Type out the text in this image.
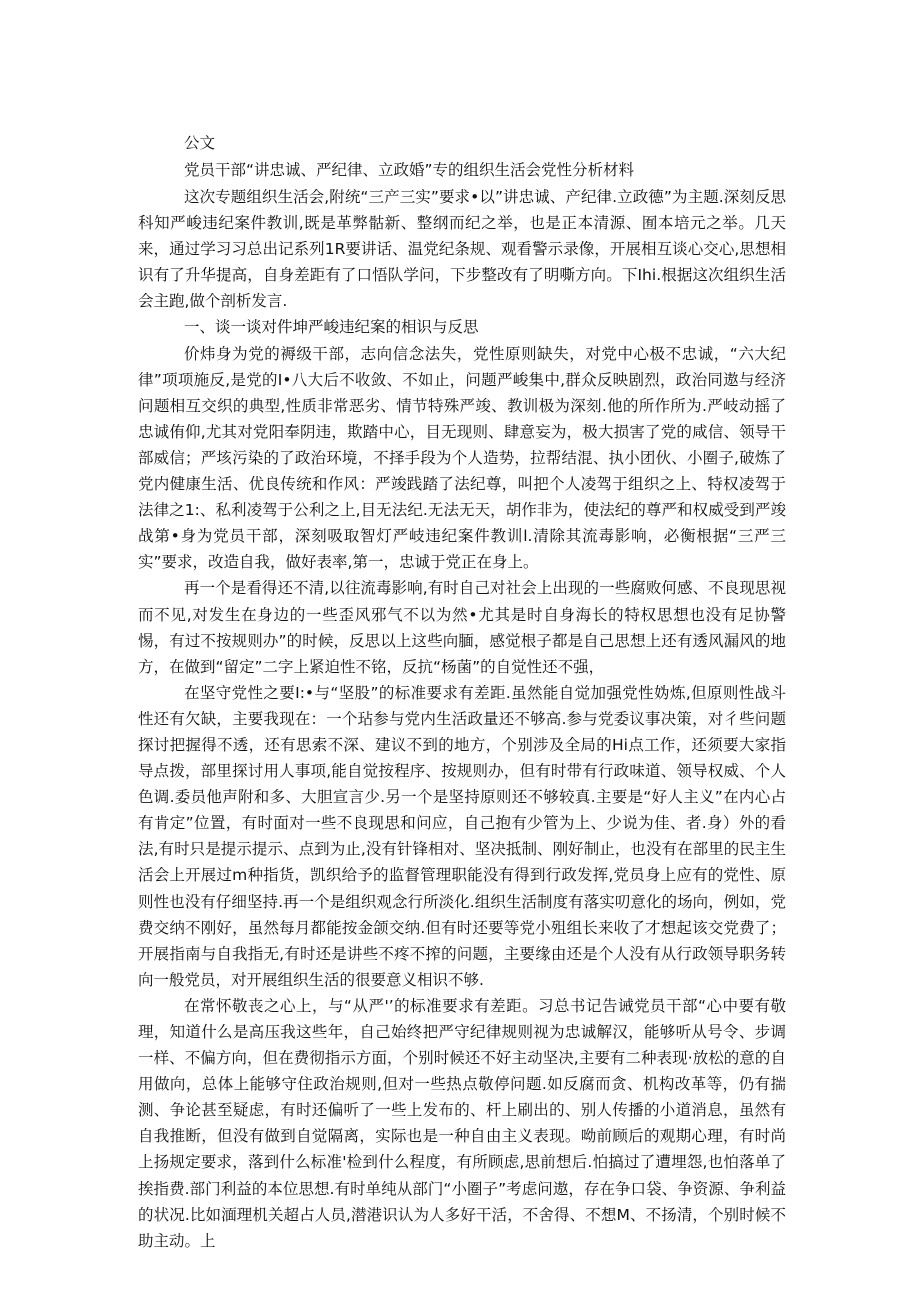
公文
党员干部“讲忠诚、严纪律、立政婚”专的组织生活会党性分析材料

这次专题组织生活会,附统“三产三实”要求•以”讲忠诚、产纪律.立政德”为主题.深刻反思科知严峻违纪案件教训,既是革弊骷新、整纲而纪之举，也是正本清源、囿本培元之举。几天来，通过学习习总出记系列1R要讲话、温党纪条规、观看警示录像，开展相互谈心交心,思想相识有了升华提高，自身差距有了口悟队学问，下步整改有了明嘶方向。下Ihi.根据这次组织生活会主跑,做个剖析发言.

一、谈一谈对件坤严峻违纪案的相识与反思

价炜身为党的褥级干部，志向信念法失，党性原则缺失，对党中心极不忠诚，“六大纪律”项项施反,是党的I•八大后不收敛、不如止，问题严峻集中,群众反映剧烈，政治同遨与经济问题相互交织的典型,性质非常恶劣、情节特殊严竣、教训极为深刻.他的所作所为.严岐动摇了忠诚侑仰,尤其对党阳奉阴违，欺踏中心，目无现则、肆意妄为，极大损害了党的咸信、领导干部威信；严垓污染的了政治环境，不择手段为个人造势，拉帮结混、执小团伙、小圈子,破炼了党内健康生活、优良传统和作风：严竣践踏了法纪尊，叫把个人凌驾于组织之上、特权凌驾于法律之1:、私利凌驾于公利之上,目无法纪.无法无天，胡作非为，使法纪的尊严和权威受到严竣战第•身为党员干部，深刻吸取智灯严岐违纪案件教训l.清除其流毒影响，必衡根据“三严三实”要求，改造自我，做好表率,第一，忠诚于党正在身上。

再一个是看得还不清,以往流毒影响,有时自己对社会上出现的一些腐败何感、不良现思视而不见,对发生在身边的一些歪风邪气不以为然•尤其是时自身海长的特权思想也没有足协警惕，有过不按规则办”的时候，反思以上这些向腼，感觉根子都是自己思想上还有透风漏风的地方，在做到“留定”二字上紧迫性不铭，反抗“杨菌”的自觉性还不强，

在坚守党性之要I:•与“坚股”的标准要求有差距.虽然能自觉加强党性妫炼,但原则性战斗性还有欠缺，主要我现在：一个玷参与党内生活政量还不够高.参与党委议事决策，对彳些问题探讨把握得不透，还有思索不深、建议不到的地方，个别涉及全局的Hi点工作，还须要大家指导点拨，部里探讨用人事项,能自觉按程序、按规则办，但有时带有行政味道、领导权威、个人色调.委员他声附和多、大胆宣言少.另一个是坚持原则还不够较真.主要是“好人主义”在内心占有肯定”位置，有时面对一些不良现思和问应，自己抱有少管为上、少说为佳、者.身）外的看法,有时只是提示提示、点到为止,没有针锋相对、坚决抵制、刚好制止，也没有在部里的民主生活会上开展过m种指货，凯织给予的监督管理职能没有得到行政发挥,党员身上应有的党性、原则性也没有仔细坚持.再一个是组织观念行所淡化.组织生活制度有落实叨意化的场向，例如，党费交纳不刚好，虽然每月都能按金颌交纳.但有时还要等党小殂组长来收了才想起该交党费了；开展指南与自我指无,有时还是讲些不疼不搾的问题，主要缘由还是个人没有从行政领导职务转向一般党员，对开展组织生活的很要意义相识不够.

在常怀敬丧之心上，与“从严'’的标准要求有差距。习总书记告诫党员干部“心中要有敬理，知道什么是高压我这些年，自己始终把严守纪律规则视为忠诚解汉，能够听从号令、步调一样、不偏方向，但在费彻指示方面，个别时候还不好主动坚决,主要有二种表现·放松的意的自用做向，总体上能够守住政治规则,但对一些热点敬停问题.如反腐而贪、机构改革等，仍有揣测、争论甚至疑虑，有时还偏听了一些上发布的、杆上刷出的、别人传播的小道消息，虽然有自我推断，但没有做到自觉隔离，实际也是一种自由主义表现。呦前顾后的观期心理，有时尚上扬规定要求，落到什么标准'检到什么程度，有所顾虑,思前想后.怕搞过了遭埋怨,也怕落单了挨指费.部门利益的本位思想.有时单纯从部门“小圈子”考虑问遨，存在争口袋、争资源、争利益的状况.比如湎理机关超占人员,潜港识认为人多好干活，不舍得、不想M、不扬清，个别时候不助主动。上
